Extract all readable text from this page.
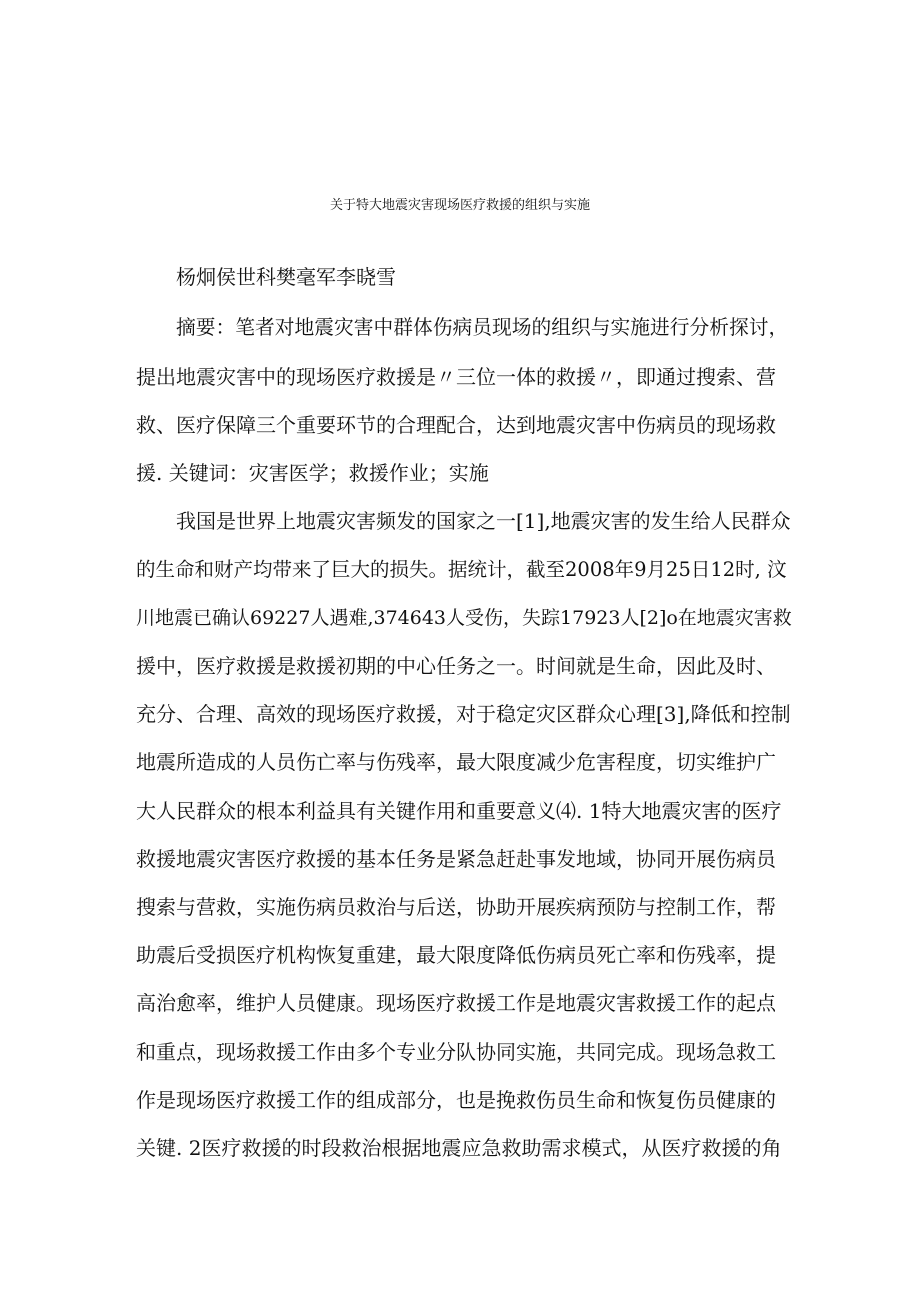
关于特大地震灾害现场医疗救援的组织与实施
杨炯侯世科樊毫军李晓雪
摘要：笔者对地震灾害中群体伤病员现场的组织与实施进行分析探讨，
提出地震灾害中的现场医疗救援是〃三位一体的救援〃，即通过搜索、营
救、医疗保障三个重要环节的合理配合，达到地震灾害中伤病员的现场救
援. 关键词：灾害医学；救援作业；实施
我国是世界上地震灾害频发的国家之一[1],地震灾害的发生给人民群众
的生命和财产均带来了巨大的损失。据统计，截至2008年9月25日12时, 汶
川地震已确认69227人遇难,374643人受伤，失踪17923人[2]o在地震灾害救
援中，医疗救援是救援初期的中心任务之一。时间就是生命，因此及时、
充分、合理、高效的现场医疗救援，对于稳定灾区群众心理[3],降低和控制
地震所造成的人员伤亡率与伤残率，最大限度减少危害程度，切实维护广
大人民群众的根本利益具有关键作用和重要意义⑷. 1特大地震灾害的医疗
救援地震灾害医疗救援的基本任务是紧急赶赴事发地域，协同开展伤病员
搜索与营救，实施伤病员救治与后送，协助开展疾病预防与控制工作，帮
助震后受损医疗机构恢复重建，最大限度降低伤病员死亡率和伤残率，提
高治愈率，维护人员健康。现场医疗救援工作是地震灾害救援工作的起点
和重点，现场救援工作由多个专业分队协同实施，共同完成。现场急救工
作是现场医疗救援工作的组成部分，也是挽救伤员生命和恢复伤员健康的
关键. 2医疗救援的时段救治根据地震应急救助需求模式，从医疗救援的角
